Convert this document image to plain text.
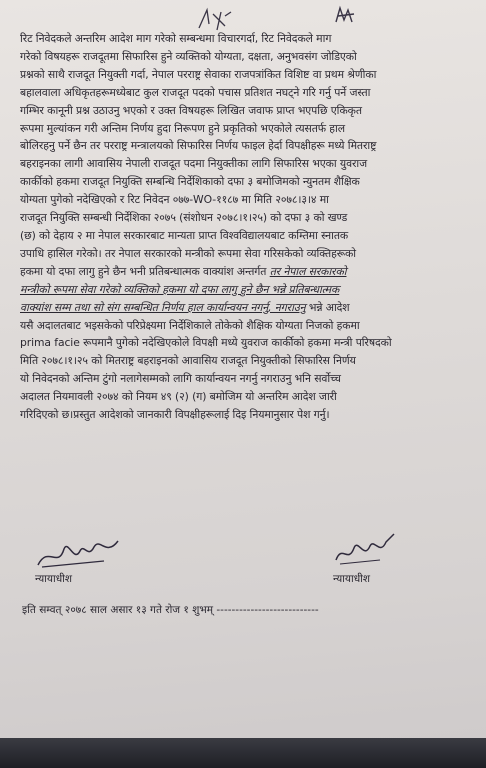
रिट निवेदकले अन्तरिम आदेश माग गरेको सम्बन्धमा विचारगर्दा, रिट निवेदकले माग
गरेको विषयहरू राजदूतमा सिफारिस हुने व्यक्तिको योग्यता, दक्षता, अनुभवसंग जोडिएको
प्रश्नको साथै राजदूत नियुक्ती गर्दा, नेपाल परराष्ट्र सेवाका राजपत्रांकित विशिष्ट वा प्रथम श्रेणीका
बहालवाला अधिकृतहरूमध्येबाट कुल राजदूत पदको पचास प्रतिशत नघट्ने गरि गर्नु पर्ने जस्ता
गम्भिर कानूनी प्रश्न उठाउनु भएको र उक्त विषयहरू लिखित जवाफ प्राप्त भएपछि एकिकृत
रूपमा मुल्यांकन गरी अन्तिम निर्णय हुदा निरूपण हुने प्रकृतिको भएकोले त्यसतर्फ हाल
बोलिरहनु पर्ने छैन तर परराष्ट्र मन्त्रालयको सिफारिस निर्णय फाइल हेर्दा विपक्षीहरू मध्ये मितराष्ट्र
बहराइनका लागी आवासिय नेपाली राजदूत पदमा नियुक्तीका लागि सिफारिस भएका युवराज
कार्कीको हकमा राजदूत नियुक्ति सम्बन्धि निर्देशिकाको दफा ३ बमोजिमको न्युनतम शैक्षिक
योग्यता पुगेको नदेखिएको र रिट निवेदन ०७७-WO-११८७ मा मिति २०७८।३।४ मा
राजदूत नियुक्ति सम्बन्धी निर्देशिका २०७५ (संशोधन २०७८।१।२५) को दफा ३ को खण्ड
(छ) को देहाय २ मा नेपाल सरकारबाट मान्यता प्राप्त विश्वविद्यालयबाट कम्तिमा स्नातक
उपाधि हासिल गरेको। तर नेपाल सरकारको मन्त्रीको रूपमा सेवा गरिसकेको व्यक्तिहरूको
हकमा यो दफा लागु हुने छैन भनी प्रतिबन्धात्मक वाक्यांश अन्तर्गत तर नेपाल सरकारको
मन्त्रीको रूपमा सेवा गरेको व्यक्तिको हकमा यो दफा लागु हुने छैन भन्ने प्रतिबन्धात्मक
वाक्यांश सम्म तथा सो संग सम्बन्धित निर्णय हाल कार्यान्वयन नगर्नु, नगराउनु भन्ने आदेश
यसै अदालतबाट भइसकेको परिप्रेक्ष्यमा निर्देशिकाले तोकेको शैक्षिक योग्यता निजको हकमा
prima facie रूपमानै पुगेको नदेखिएकोले विपक्षी मध्ये युवराज कार्कीको हकमा मन्त्री परिषदको
मिति २०७८।१।२५ को मितराष्ट्र बहराइनको आवासिय राजदूत नियुक्तीको सिफारिस निर्णय
यो निवेदनको अन्तिम टुंगो नलागेसम्मको लागि कार्यान्वयन नगर्नु नगराउनु भनि सर्वोच्च
अदालत नियमावली २०७४ को नियम ४९ (२) (ग) बमोजिम यो अन्तरिम आदेश जारी
गरिदिएको छ।प्रस्तुत आदेशको जानकारी विपक्षीहरूलाई दिइ नियमानुसार पेश गर्नु।
न्यायाधीश	न्यायाधीश
इति सम्वत् २०७८ साल असार १३ गते रोज १ शुभम् ---------------------------
